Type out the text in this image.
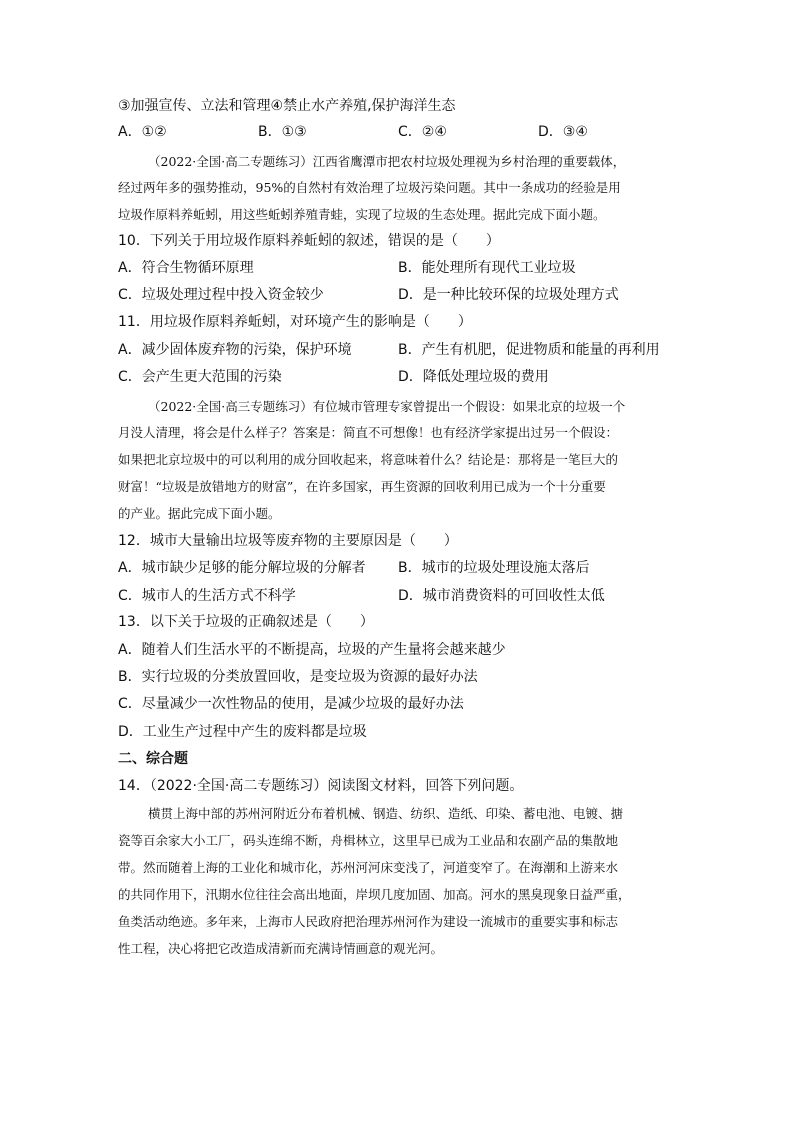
③加强宣传、立法和管理④禁止水产养殖,保护海洋生态
A．①②	B．①③	C．②④	D．③④
（2022·全国·高二专题练习）江西省鹰潭市把农村垃圾处理视为乡村治理的重要载体，
经过两年多的强势推动，95%的自然村有效治理了垃圾污染问题。其中一条成功的经验是用
垃圾作原料养蚯蚓，用这些蚯蚓养殖青蛙，实现了垃圾的生态处理。据此完成下面小题。
10．下列关于用垃圾作原料养蚯蚓的叙述，错误的是（　　）
A．符合生物循环原理	B．能处理所有现代工业垃圾
C．垃圾处理过程中投入资金较少	D．是一种比较环保的垃圾处理方式
11．用垃圾作原料养蚯蚓，对环境产生的影响是（　　）
A．减少固体废弃物的污染，保护环境	B．产生有机肥，促进物质和能量的再利用
C．会产生更大范围的污染	D．降低处理垃圾的费用
（2022·全国·高三专题练习）有位城市管理专家曾提出一个假设：如果北京的垃圾一个
月没人清理，将会是什么样子？答案是：简直不可想像！也有经济学家提出过另一个假设：
如果把北京垃圾中的可以利用的成分回收起来，将意味着什么？结论是：那将是一笔巨大的
财富！“垃圾是放错地方的财富”，在许多国家，再生资源的回收利用已成为一个十分重要
的产业。据此完成下面小题。
12．城市大量输出垃圾等废弃物的主要原因是（　　）
A．城市缺少足够的能分解垃圾的分解者 B．城市的垃圾处理设施太落后
C．城市人的生活方式不科学	D．城市消费资料的可回收性太低
13．以下关于垃圾的正确叙述是（　　）
A．随着人们生活水平的不断提高，垃圾的产生量将会越来越少
B．实行垃圾的分类放置回收，是变垃圾为资源的最好办法
C．尽量减少一次性物品的使用，是减少垃圾的最好办法
D．工业生产过程中产生的废料都是垃圾
二、综合题
14．（2022·全国·高二专题练习）阅读图文材料，回答下列问题。
横贯上海中部的苏州河附近分布着机械、钢造、纺织、造纸、印染、蓄电池、电镀、搪
瓷等百余家大小工厂，码头连绵不断，舟楫林立，这里早已成为工业品和农副产品的集散地
带。然而随着上海的工业化和城市化，苏州河河床变浅了，河道变窄了。在海潮和上游来水
的共同作用下，汛期水位往往会高出地面，岸坝几度加固、加高。河水的黑臭现象日益严重，
鱼类活动绝迹。多年来，上海市人民政府把治理苏州河作为建设一流城市的重要实事和标志
性工程，决心将把它改造成清新而充满诗情画意的观光河。
